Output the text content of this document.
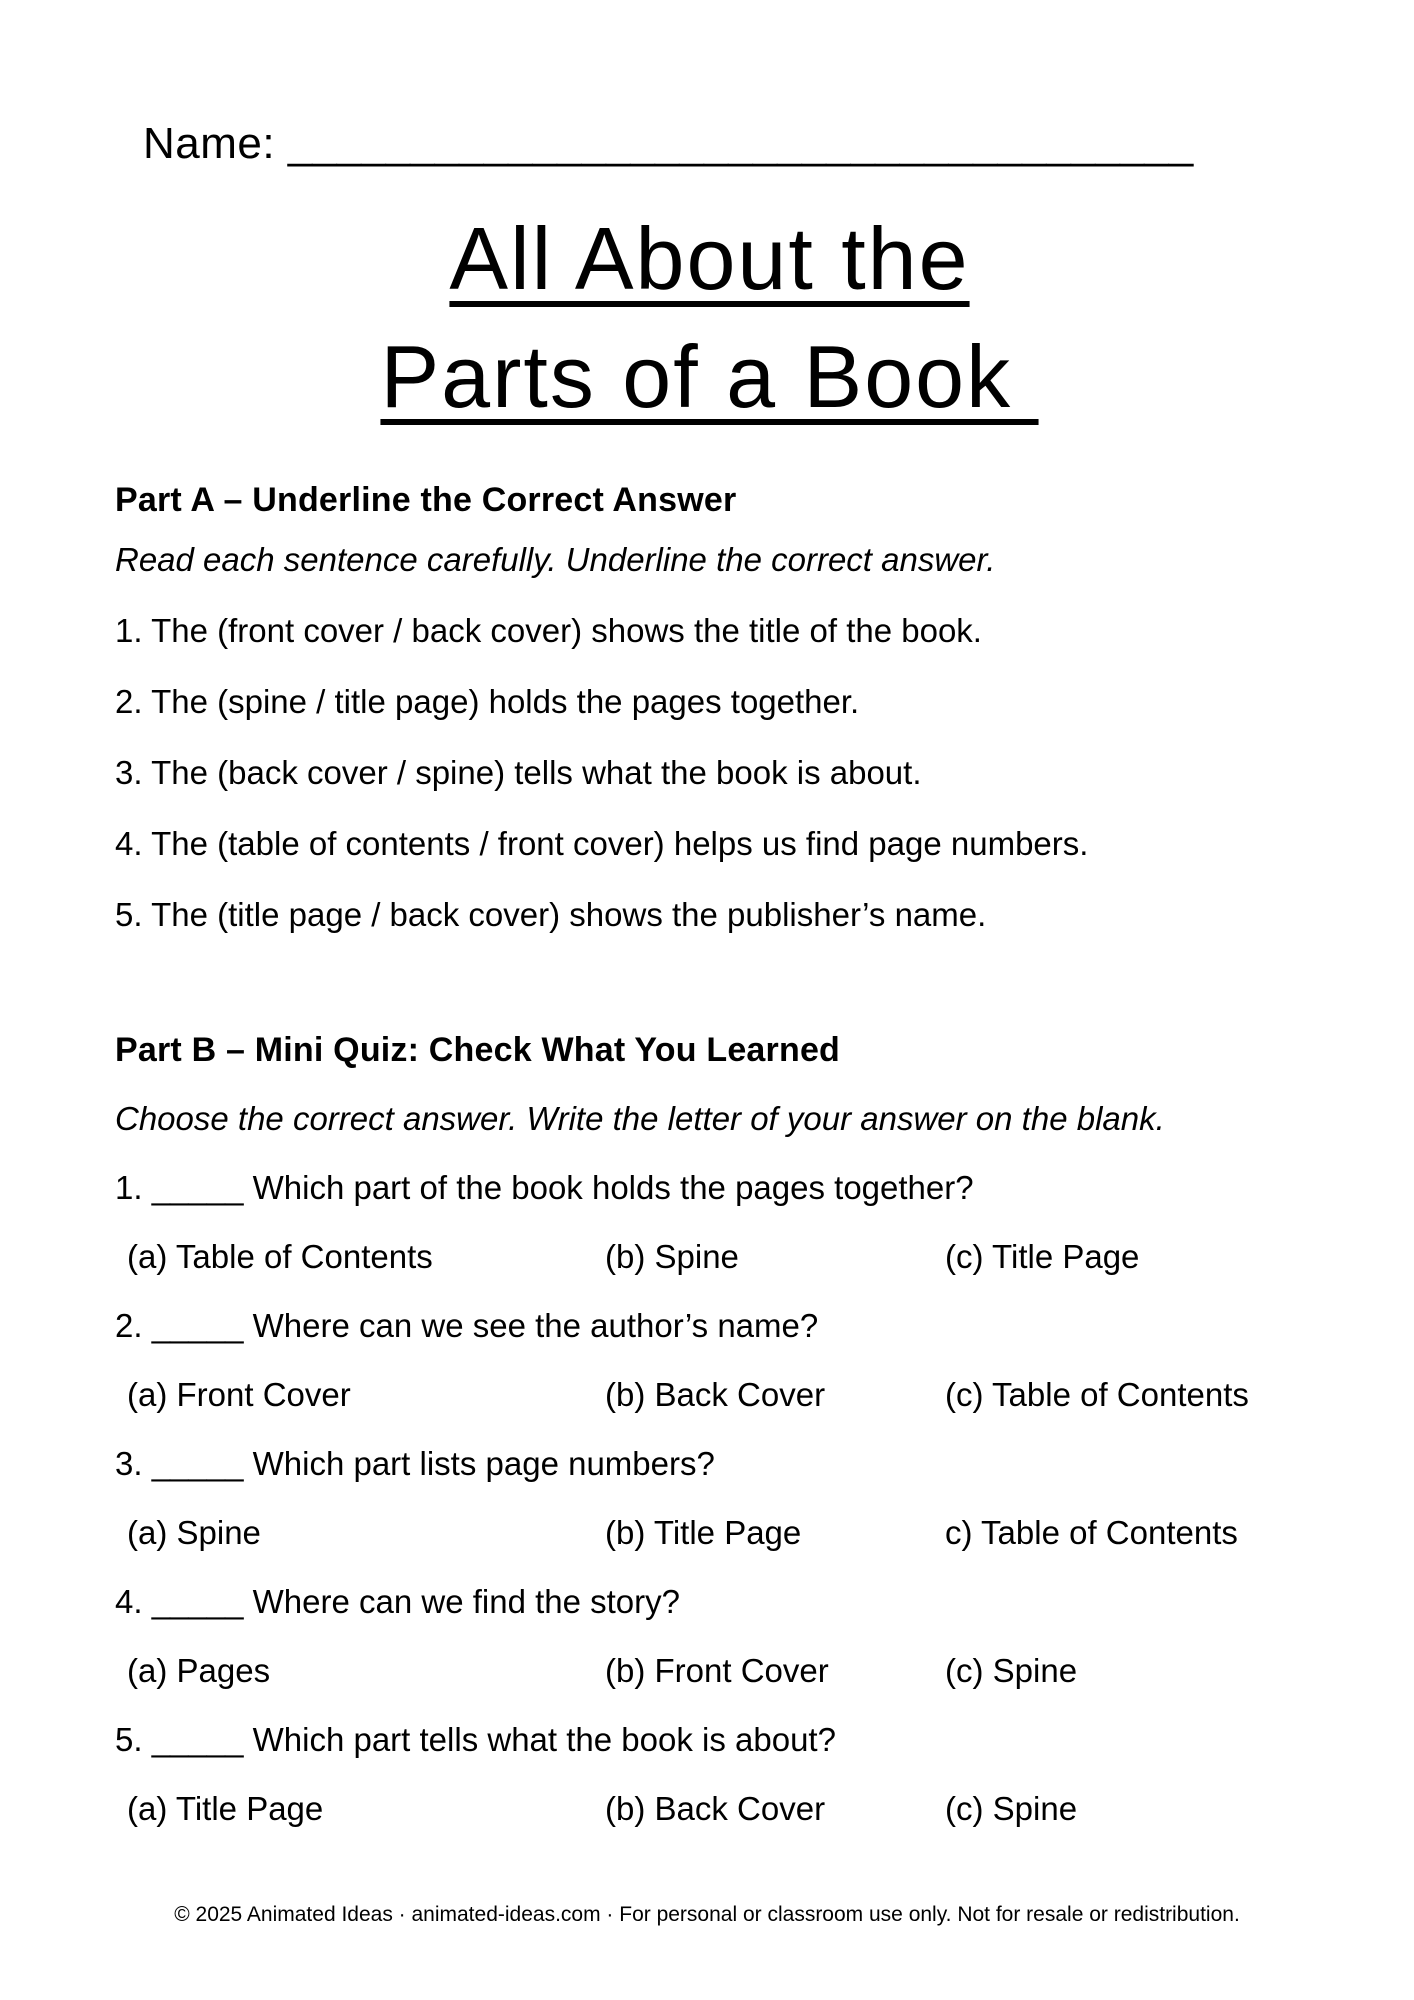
Name: _____________________________________
All About the
Parts of a Book
Part A – Underline the Correct Answer

Read each sentence carefully. Underline the correct answer.

1. The (front cover / back cover) shows the title of the book.

2. The (spine / title page) holds the pages together.

3. The (back cover / spine) tells what the book is about.

4. The (table of contents / front cover) helps us find page numbers.

5. The (title page / back cover) shows the publisher’s name.

Part B – Mini Quiz: Check What You Learned

Choose the correct answer. Write the letter of your answer on the blank.

1. _____ Which part of the book holds the pages together?

(a) Table of Contents	(b) Spine	(c) Title Page

2. _____ Where can we see the author’s name?

(a) Front Cover	(b) Back Cover	(c) Table of Contents

3. _____ Which part lists page numbers?

(a) Spine	(b) Title Page	c) Table of Contents

4. _____ Where can we find the story?

(a) Pages	(b) Front Cover	(c) Spine

5. _____ Which part tells what the book is about?

(a) Title Page	(b) Back Cover	(c) Spine
© 2025 Animated Ideas · animated-ideas.com · For personal or classroom use only. Not for resale or redistribution.
